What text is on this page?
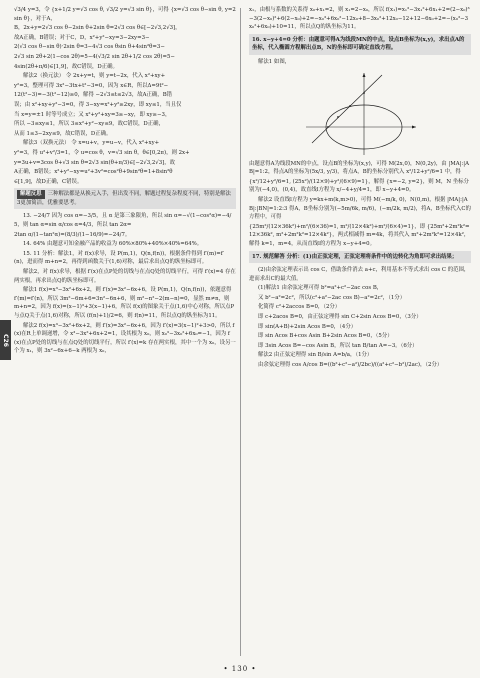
C26

√3/4 y=3，令 {x+1/2 y=√3 cos θ, √3/2 y=√3 sin θ}，可得 {x=√3 cos θ−sin θ, y=2sin θ}，对于A，

B，2x+y=2√3 cos θ−2sin θ+2sin θ=2√3 cos θ∈[−2√3,2√3]，

故A正确，B错误；对于C，D，x²+y²−xy=3−2xy=3−

2(√3 cos θ−sin θ)·2sin θ=3−4√3 cos θsin θ+4sin²θ=3−

2√3 sin 2θ+2(1−cos 2θ)=5−4(√3/2 sin 2θ+1/2 cos 2θ)=5−

4sin(2θ+π/6)∈[1,9]，故C错误，D正确。

解法2（换元法） 令 2x+y=t，则 y=t−2x，代入 x²+xy+

y²=3，整理可得 3x²−3tx+t²−3=0，因为 x∈R，所以Δ=9t²−

12(t²−3)=−3(t²−12)≥0，解得 −2√3≤t≤2√3，故A正确，B错

误；由 x²+xy+y²−3=0，得 3−xy=x²+y²≥2xy，即 xy≤1，当且仅

当 x=y=±1 时等号成立；又 x²+y²+xy=3≥−xy，即 xy≥−3，

所以 −3≤xy≤1，所以 3≤x²+y²−xy≤9，故C错误，D正确，

从而 1≤3−2xy≤9，故C错误，D正确。

解法3（双换元法） 令 x=u+v，y=u−v，代入 x²+xy+

y²=3，得 u²+v²/3=1，令 u=cos θ，v=√3 sin θ，θ∈[0,2π)，则 2x+

y=3u+v=3cos θ+√3 sin θ=2√3 sin(θ+π/3)∈[−2√3,2√3]，故

A正确，B错误；x²+y²−xy=u²+3v²=cos²θ+9sin²θ=1+8sin²θ

∈[1,9]，故D正确，C错误。

解题反思 三种解法都是从换元入手，但出发不同，解题过程复杂程度不同，特别是解法3更加简洁，优雅要思考。

13. −24/7 因为 cos α=−3/5，且 α 是第三象限角，所以 sin α=−√(1−cos²α)=−4/5，则 tan α=sin α/cos α=4/3，所以 tan 2α=

2tan α/(1−tan²α)=(8/3)/(1−16/9)=−24/7。

14. 64% 由题意可知金融产品的收益为 60%×80%+40%×40%=64%。

15. 11 分析：解法1，对 f(x)求导，设 P(m,1)，Q(n,f(n))，根据条件得到 f′(m)=f′(n)，进而得 m+n=2，再得到函数关于(1,6)对称，最后求出点Q的纵坐标即可。

解法2，对 f(x)求导，根据 f′(x)在点P处的切线与在点Q处的切线平行，可得 f′(x)=4 存在两实根，再求出点Q的纵坐标即可。

解法1 f(x)=x³−3x²+6x+2，则 f′(x)=3x²−6x+6，设 P(m,1)，Q(n,f(n))，依题意得 f′(m)=f′(n)，所以 3m²−6m+6=3n²−6n+6，则 m²−n²−2(m−n)=0，显然 m≠n，则 m+n=2，因为 f(x)=(x−1)³+3(x−1)+6，所以 f(x)的图象关于点(1,6)中心对称，所以点P与点Q关于点(1,6)对称，所以 (f(n)+1)/2=6，则 f(n)=11，所以点Q的纵坐标为11。

解法2 f(x)=x³−3x²+6x+2，则 f′(x)=3x²−6x+6，因为 f′(x)=3(x−1)²+3>0，所以 f(x)在R上单调递增，令 x³−3x²+6x+2=1，设其根为 x₀，则 x₀³−3x₀²+6x₀=−1，因为 f(x)在点P处的切线与在点Q处的切线平行，所以 f′(x)=k 存在两实根，其中一个为 x₀，设另一个为 x₁，则 3x²−6x+6−k 两根为 x₀，

x₁，由根与系数的关系得 x₀+x₁=2，则 x₁=2−x₀，所以 f(x₁)=x₁³−3x₁²+6x₁+2=(2−x₀)³−3(2−x₀)²+6(2−x₀)+2=−x₀³+6x₀²−12x₀+8−3x₀²+12x₀−12+12−6x₀+2=−(x₀³−3x₀²+6x₀)+10=11，所以点Q的纵坐标为11。

16. x−y+4=0 分析：由题意可得A为线段MN的中点，设点B坐标为(x,y)，求出点A的坐标，代入椭圆方程解出点B，N的坐标即可确定直线方程。

解法1 如图，

由题意得A为线段MN的中点，设点B的坐标为(x,y)，可得 M(2x,0)，N(0,2y)，由 |MA|:|AB|=1:2，得点A的坐标为(5x/3, y/3)，将点A，B的坐标分别代入 x²/12+y²/6=1 中，得

{x²/12+y²/6=1, (25x²)/(12×9)+y²/(6×9)=1}，解得 {x=−2, y=2}，则 M，N 坐标分别为(−4,0)，(0,4)，故直线l方程为 x/−4+y/4=1，即 x−y+4=0。

解法2 设直线l方程为 y=kx+m(k,m>0)，可得 M(−m/k, 0)，N(0,m)，根据 |MA|:|AB|:|BN|=1:2:3 得A，B坐标分别为(−5m/6k, m/6)，(−m/2k, m/2)，将A，B坐标代入C的方程中，可得

{25m²/(12×36k²)+m²/(6×36)=1, m²/(12×4k²)+m²/(6×4)=1}，即 {25m²+2m²k²=12×36k², m²+2m²k²=12×4k²}，两式相减得 m=4k，将其代入 m²+2m²k²=12×4k²，解得 k=1，m=4，从而直线l的方程为 x−y+4=0。

17. 规范解答 分析：(1)由正弦定理，正弦定理将条件中的边转化为角即可求出结果；

(2)由余弦定理表示出 cos C，借助条件消去 a+c，利用基本不等式求出 cos C 的范围，进而求出C的最大值。

(1)解法1 由余弦定理可得 b²=a²+c²−2ac cos B，

又 b²−a²=2c²，所以(c²+a²−2ac cos B)−a²=2c²，（1分）

化简得 c²+2accos B=0，（2分）

即 c+2acos B=0，由正弦定理得 sin C+2sin Acos B=0，（3分）

即 sin(A+B)+2sin Acos B=0，（4分）

即 sin Acos B+cos Asin B+2sin Acos B=0，（5分）

即 3sin Acos B=−cos Asin B，所以 tan B/tan A=−3。（6分）

解法2 由正弦定理得 sin B/sin A=b/a，（1分）

由余弦定理得 cos A/cos B=((b²+c²−a²)/2bc)/((a²+c²−b²)/2ac)，（2分）

• 130 •
